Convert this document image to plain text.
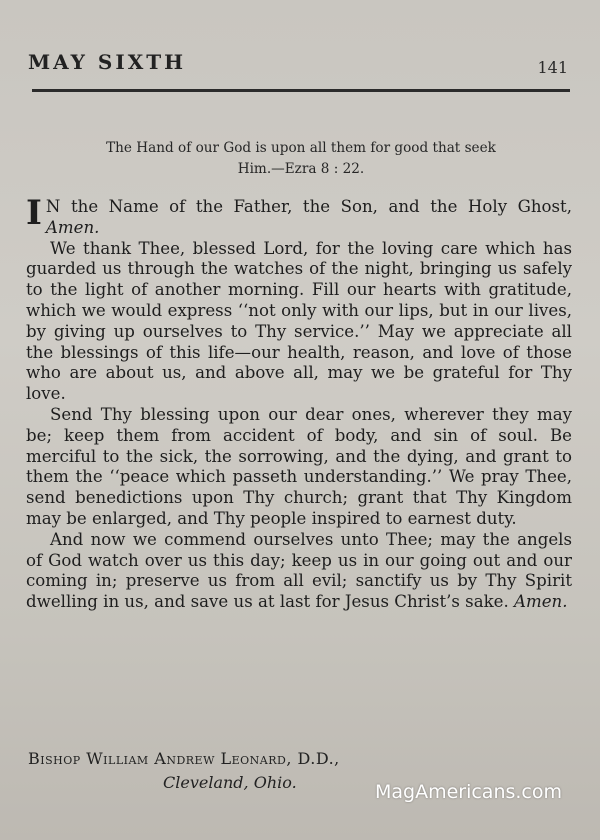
MAY SIXTH	141
The Hand of our God is upon all them for good that seek
Him.—Ezra 8 : 22.

I N the Name of the Father, the Son, and the Holy Ghost, Amen.

We thank Thee, blessed Lord, for the loving care which has guarded us through the watches of the night, bringing us safely to the light of another morning. Fill our hearts with gratitude, which we would express ‘‘not only with our lips, but in our lives, by giving up ourselves to Thy service.’’ May we appreciate all the blessings of this life—our health, reason, and love of those who are about us, and above all, may we be grateful for Thy love.

Send Thy blessing upon our dear ones, wherever they may be; keep them from accident of body, and sin of soul. Be merciful to the sick, the sorrowing, and the dying, and grant to them the ‘‘peace which passeth understanding.’’ We pray Thee, send benedictions upon Thy church; grant that Thy Kingdom may be enlarged, and Thy people inspired to earnest duty.

And now we commend ourselves unto Thee; may the angels of God watch over us this day; keep us in our going out and our coming in; preserve us from all evil; sanctify us by Thy Spirit dwelling in us, and save us at last for Jesus Christ’s sake. Amen.

Bishop William Andrew Leonard, D.D.,
Cleveland, Ohio.	MagAmericans.com
